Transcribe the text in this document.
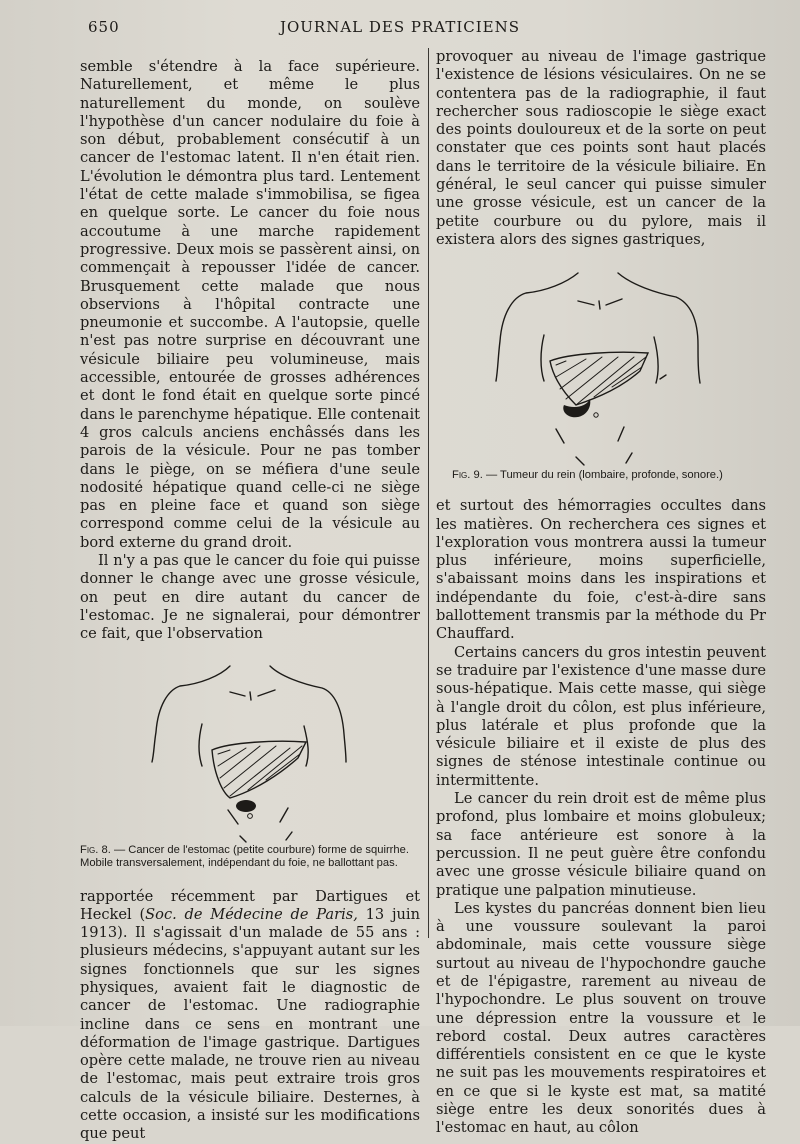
650	JOURNAL DES PRATICIENS

semble s'étendre à la face supérieure. Naturellement, et même le plus naturellement du monde, on soulève l'hypothèse d'un cancer nodulaire du foie à son début, probablement consécutif à un cancer de l'estomac latent. Il n'en était rien. L'évolution le démontra plus tard. Lentement l'état de cette malade s'immobilisa, se figea en quelque sorte. Le cancer du foie nous accoutume à une marche rapidement progressive. Deux mois se passèrent ainsi, on commençait à repousser l'idée de cancer. Brusquement cette malade que nous observions à l'hôpital contracte une pneumonie et succombe. A l'autopsie, quelle n'est pas notre surprise en découvrant une vésicule biliaire peu volumineuse, mais accessible, entourée de grosses adhérences et dont le fond était en quelque sorte pincé dans le parenchyme hépatique. Elle contenait 4 gros calculs anciens enchâssés dans les parois de la vésicule. Pour ne pas tomber dans le piège, on se méfiera d'une seule nodosité hépatique quand celle-ci ne siège pas en pleine face et quand son siège correspond comme celui de la vésicule au bord externe du grand droit.

Il n'y a pas que le cancer du foie qui puisse donner le change avec une grosse vésicule, on peut en dire autant du cancer de l'estomac. Je ne signalerai, pour démontrer ce fait, que l'observation

Fig. 8. — Cancer de l'estomac (petite courbure) forme de squirrhe. Mobile transversalement, indépendant du foie, ne ballottant pas.

rapportée récemment par Dartigues et Heckel (Soc. de Médecine de Paris, 13 juin 1913). Il s'agissait d'un malade de 55 ans : plusieurs médecins, s'appuyant autant sur les signes fonctionnels que sur les signes physiques, avaient fait le diagnostic de cancer de l'estomac. Une radiographie incline dans ce sens en montrant une déformation de l'image gastrique. Dartigues opère cette malade, ne trouve rien au niveau de l'estomac, mais peut extraire trois gros calculs de la vésicule biliaire. Desternes, à cette occasion, a insisté sur les modifications que peut

provoquer au niveau de l'image gastrique l'existence de lésions vésiculaires. On ne se contentera pas de la radiographie, il faut rechercher sous radioscopie le siège exact des points douloureux et de la sorte on peut constater que ces points sont haut placés dans le territoire de la vésicule biliaire. En général, le seul cancer qui puisse simuler une grosse vésicule, est un cancer de la petite courbure ou du pylore, mais il existera alors des signes gastriques,

Fig. 9. — Tumeur du rein (lombaire, profonde, sonore.)

et surtout des hémorragies occultes dans les matières. On recherchera ces signes et l'exploration vous montrera aussi la tumeur plus inférieure, moins superficielle, s'abaissant moins dans les inspirations et indépendante du foie, c'est-à-dire sans ballottement transmis par la méthode du Pr Chauffard.

Certains cancers du gros intestin peuvent se traduire par l'existence d'une masse dure sous-hépatique. Mais cette masse, qui siège à l'angle droit du côlon, est plus inférieure, plus latérale et plus profonde que la vésicule biliaire et il existe de plus des signes de sténose intestinale continue ou intermittente.

Le cancer du rein droit est de même plus profond, plus lombaire et moins globuleux; sa face antérieure est sonore à la percussion. Il ne peut guère être confondu avec une grosse vésicule biliaire quand on pratique une palpation minutieuse.

Les kystes du pancréas donnent bien lieu à une voussure soulevant la paroi abdominale, mais cette voussure siège surtout au niveau de l'hypochondre gauche et de l'épigastre, rarement au niveau de l'hypochondre. Le plus souvent on trouve une dépression entre la voussure et le rebord costal. Deux autres caractères différentiels consistent en ce que le kyste ne suit pas les mouvements respiratoires et en ce que si le kyste est mat, sa matité siège entre les deux sonorités dues à l'estomac en haut, au côlon
